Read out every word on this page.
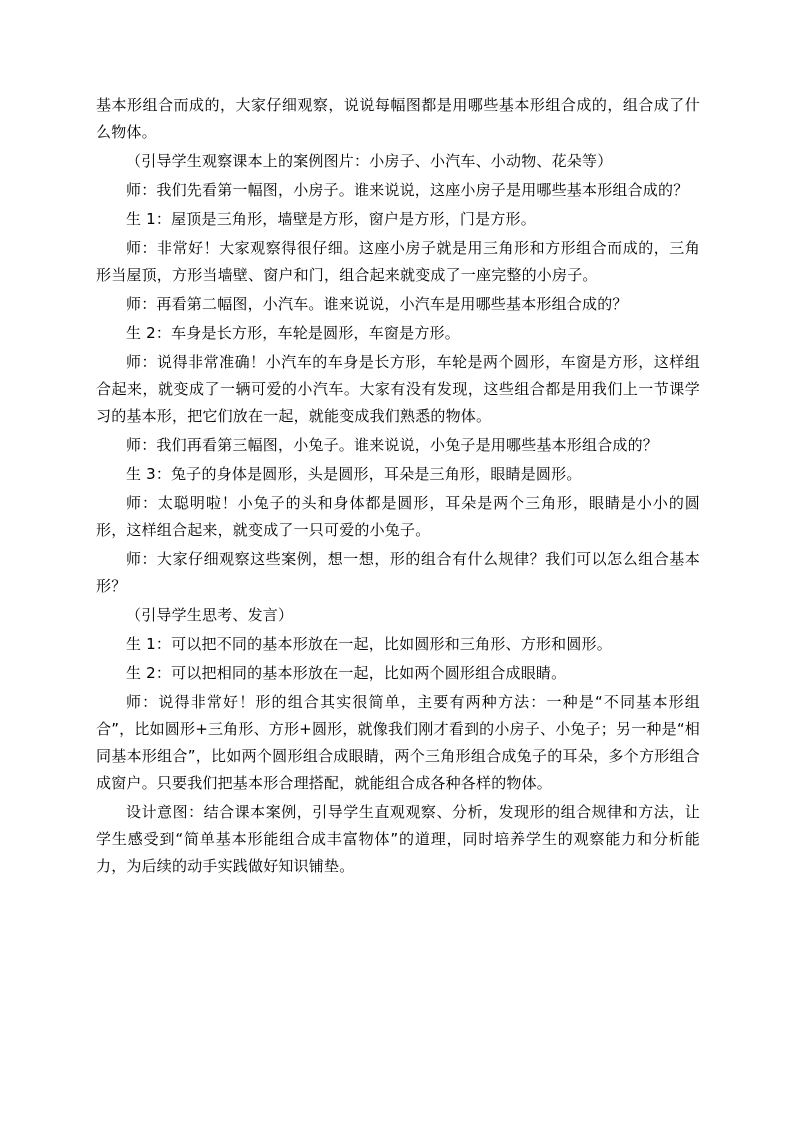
基本形组合而成的，大家仔细观察，说说每幅图都是用哪些基本形组合成的，组合成了什么物体。

（引导学生观察课本上的案例图片：小房子、小汽车、小动物、花朵等）

师：我们先看第一幅图，小房子。谁来说说，这座小房子是用哪些基本形组合成的？

生 1：屋顶是三角形，墙壁是方形，窗户是方形，门是方形。

师：非常好！大家观察得很仔细。这座小房子就是用三角形和方形组合而成的，三角形当屋顶，方形当墙壁、窗户和门，组合起来就变成了一座完整的小房子。

师：再看第二幅图，小汽车。谁来说说，小汽车是用哪些基本形组合成的？

生 2：车身是长方形，车轮是圆形，车窗是方形。

师：说得非常准确！小汽车的车身是长方形，车轮是两个圆形，车窗是方形，这样组合起来，就变成了一辆可爱的小汽车。大家有没有发现，这些组合都是用我们上一节课学习的基本形，把它们放在一起，就能变成我们熟悉的物体。

师：我们再看第三幅图，小兔子。谁来说说，小兔子是用哪些基本形组合成的？

生 3：兔子的身体是圆形，头是圆形，耳朵是三角形，眼睛是圆形。

师：太聪明啦！小兔子的头和身体都是圆形，耳朵是两个三角形，眼睛是小小的圆形，这样组合起来，就变成了一只可爱的小兔子。

师：大家仔细观察这些案例，想一想，形的组合有什么规律？我们可以怎么组合基本形？

（引导学生思考、发言）

生 1：可以把不同的基本形放在一起，比如圆形和三角形、方形和圆形。

生 2：可以把相同的基本形放在一起，比如两个圆形组合成眼睛。

师：说得非常好！形的组合其实很简单，主要有两种方法：一种是“不同基本形组合”，比如圆形+三角形、方形+圆形，就像我们刚才看到的小房子、小兔子；另一种是“相同基本形组合”，比如两个圆形组合成眼睛，两个三角形组合成兔子的耳朵，多个方形组合成窗户。只要我们把基本形合理搭配，就能组合成各种各样的物体。

设计意图：结合课本案例，引导学生直观观察、分析，发现形的组合规律和方法，让学生感受到“简单基本形能组合成丰富物体”的道理，同时培养学生的观察能力和分析能力，为后续的动手实践做好知识铺垫。
